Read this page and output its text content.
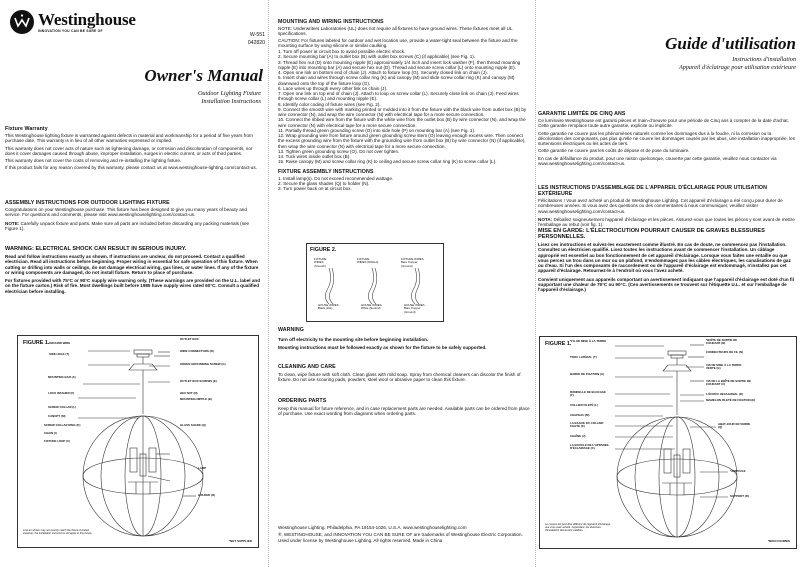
Westinghouse
INNOVATION YOU CAN BE SURE OF
W-551
042820
Owner's Manual
Outdoor Lighting Fixture
Installation Instructions
Fixture Warranty

This Westinghouse lighting fixture is warranted against defects in material and workmanship for a period of five years from purchase date. This warranty is in lieu of all other warranties expressed or implied.

This warranty does not cover acts of nature such as lightening damage, or corrosion and discoloration of components, nor does it cover damages caused through abuse, improper installation, surges in electric current, or acts of third parties.

This warranty does not cover the costs of removing and re-installing the lighting fixture.

If this product fails for any reason covered by this warranty, please contact us at www.westinghouse-lighting.com/contact-us.

ASSEMBLY INSTRUCTIONS FOR OUTDOOR LIGHTING FIXTURE

Congratulations on your Westinghouse purchase. This fixture has been designed to give you many years of beauty and service. For questions and comments, please visit www.westinghouselighting.com/contact-us.

NOTE: Carefully unpack fixture and parts. Make sure all parts are included before discarding any packing materials (see Figure 1).

WARNING: ELECTRICAL SHOCK CAN RESULT IN SERIOUS INJURY.

Read and follow instructions exactly as shown. If instructions are unclear, do not proceed. Contact a qualified electrician. Read all instructions before beginning. Proper wiring is essential for safe operation of this fixture. When cutting or drilling into walls or ceilings, do not damage electrical wiring, gas lines, or water lines. If any of the fixture or wiring components are damaged, do not install fixture. Return to place of purchase.

For fixtures provided with 75°C or 90°C supply wire warning only. (These warnings are provided on the U.L. label and on the fixture carton.) Risk of fire. Most dwellings built before 1985 have supply wires rated 60°C. Consult a qualified electrician before installing.

FIGURE 1. GROUND WIRE
SIDE HOLE (T)
MOUNTING BAR (A)
LOCK WASHER (F)
SCREW COLLAR (L)
CANOPY (M)
SCREW COLLAR RING (K)
CHAIN (I)
FIXTURE LOOP (C)
OUTLET BOX
WIRE CONNECTORS (N)
GREEN GROUNDING SCREW (G)
OUTLET BOX SCREWS (E)
HEX NUT (D)
MOUNTING NIPPLE (B)
GLASS SHADE (Q)
LAMP
HOLDER (R)
Line art shown may not exactly match the fixture included. However, the installation instructions will apply to this fixture.
*NOT SUPPLIED
MOUNTING AND WIRING INSTRUCTIONS

NOTE: Underwriters Laboratories (UL) does not require all fixtures to have ground wires. These fixtures meet all UL specifications.

CAUTION: For fixtures labeled for outdoor and wet location use, provide a water-tight seal between the fixture and the mounting surface by using silicone or similar caulking.

1. Turn off power at circuit box to avoid possible electric shock.
2. Secure mounting bar (A) to outlet box (B) with outlet box screws (C) (if applicable) (see Fig. 1).
3. Thread hex nut (D) onto mounting nipple (E) approximately 1/4 inch and insert lock washer (F), then thread mounting nipple (E) into mounting bar (A) and secure hex nut (D). Thread and secure screw collar (L) onto mounting nipple (E).
4. Open one link on bottom end of chain (J). Attach to fixture loop (G). Securely closed link on chain (J).
5. Insert chain and wires through screw collar ring (K) and canopy (M) and slide screw collar ring (K) and canopy (M) downward onto the top of the fixture loop (G).
6. Lace wires up through every other link on chain (J).
7. Open one link on top end of chain (J). Attach to loop on screw collar (L). Securely close link on chain (J). Feed wires through screw collar (L) and mounting nipple (E).
8. Identify color coding of fixture wires (see Fig. 2).
9. Connect the smooth wire with marking printed or molded into it from the fixture with the black wire from outlet box (B) by wire connector (N), and wrap the wire connector (N) with electrical tape for a more secure connection.
10. Connect the ribbed wire from the fixture with the white wire from the outlet box (B) by wire connector (N), and wrap the wire connector (N) with electrical tape for a more secure connection.
11. Partially thread green grounding screw (O) into side hole (P) on mounting bar (A) (see Fig. 1).
12. Wrap grounding wire from fixture around green grounding screw stem (O) leaving enough excess wire. Then connect the excess grounding wire from the fixture with the grounding wire from outlet box (B) by wire connector (N) (if applicable), then wrap the wire connector (N) with electrical tape for a more secure connection.
13. Tighten green grounding screw (O). Do not over tighten.
14. Tuck wires inside outlet box (B).
15. Raise canopy (M) and screw collar ring (K) to ceiling and secure screw collar ring (K) to screw collar (L).
FIXTURE ASSEMBLY INSTRUCTIONS
1. Install lamp(s). Do not exceed recommended wattage.
2. Secure the glass shades (Q) to holder (N).
3. Turn power back on at circuit box.
FIGURE 2.
FIXTURE WIRES (Smooth)
FIXTURE WIRES (Ribbed)
FIXTURE WIRES Bare Copper (Ground)
HOUSE WIRES Black (Hot)
HOUSE WIRES White (Neutral)
HOUSE WIRES Bare Copper (Ground)
WARNING

Turn off electricity to the mounting site before beginning installation.

Mounting instructions must be followed exactly as shown for the fixture to be safely supported.

CLEANING AND CARE

To clean, wipe fixture with soft cloth. Clean glass with mild soap. Spray from chemical cleaners can discolor the finish of fixture. Do not use scouring pads, powders, steel wool or abrasive paper to clean this fixture.

ORDERING PARTS

Keep this manual for future reference, and in case replacement parts are needed. Available parts can be ordered from place of purchase. Use exact wording from diagrams when ordering parts.

Westinghouse Lighting, Philadelphia, PA 19154-1026, U.S.A. www.westinghouselighting.com

®, WESTINGHOUSE, and INNOVATION YOU CAN BE SURE OF are trademarks of Westinghouse Electric Corporation.

Used under license by Westinghouse Lighting. All rights reserved. Made in China

Guide d'utilisation
Instructions d'installation
Appareil d'éclairage pour utilisation extérieure
GARANTIE LIMITÉE DE CINQ ANS

Ce luminaire Westinghouse est garanti pièces et main-d'oeuvre pour une période de Cinq ans à compter de la date d'achat. Cette garantie remplace toute autre garantie, explicite ou implicite.

Cette garantie ne couvre pas les phénomènes naturels comme les dommages dus à la foudre, ni la corrosion ou la décoloration des composants, pas plus qu'elle ne couvre les dommages causés par les abus, une installation inappropriée, les surtensions électriques ou les actes de tiers.

Cette garantie ne couvre pas les coûts de dépose et de pose du luminaire.

En cas de défaillance du produit, pour une raison quelconque, couverte par cette garantie, veuillez nous contacter via www.westinghouselighting.com/contact-us.

LES INSTRUCTIONS D'ASSEMBLAGE DE L'APPAREIL D'ÉCLAIRAGE POUR UTILISATION EXTÉRIEURE

Félicitations ! Vous avez acheté un produit de Westinghouse Lighting. Cet appareil d'éclairage a été conçu pour durer de nombreuses années. Si vous avez des questions ou des commentaires à nous communiquer, veuillez visiter www.westinghouselighting.com/contact-us.

NOTA: Déballez soigneusement l'appareil d'éclairage et les pièces. Assurez-vous que toutes les pièces y sont avant de mettre l'emballage au rebut (voir fig. 1).

MISE EN GARDE: L'ÉLECTROCUTION POURRAIT CAUSER DE GRAVES BLESSURES PERSONNELLES.

Lisez ces instructions et suivez-les exactement comme illustré. En cas de doute, ne commencez pas l'installation. Consultez un électricien qualifié. Lisez toutes les instructions avant de commencer l'installation. Un câblage approprié est essentiel au bon fonctionnement de cet appareil d'éclairage. Lorsque vous faites une entaille ou que vous percez un trou dans un mur ou un plafond, n'endommagez pas les câbles électriques, les canalisations de gaz ou d'eau. Si l'un des composants de raccordement ou de l'appareil d'éclairage est endommagé, n'installez pas cet appareil d'éclairage. Retournez-le à l'endroit où vous l'avez acheté.

Convient uniquement aux appareils comportant un avertissement indiquant que l'appareil d'éclairage est doté d'un fil supportant une chaleur de 75°C ou 90°C. (Ces avertissements se trouvent sur l'étiquette U.L. et sur l'emballage de l'appareil d'éclairage.)

FIGURE 1.
*FIL DE MISE À LA TERRE
TROU LATÉRAL (T)
BARRE DE FIXATION (A)
RONDELLE DE BLOCAGE (F)
COLLIER FILETÉ (L)
CHAPEAU (M)
LA BAGUE DU COLLIER FILETÉ (K)
CHAÎNE (J)
LA BOUCLE DE L'APPAREIL D'ÉCLAIRAGE (C)
*BOÎTE DE SORTIE DE COURANT (B)
CONNECTEURS DE FIL (N)
VIS DE MISE À LA TERRE VERTE (G)
VIS DE LA BOÎTE DE SORTIE DE COURANT (C)
L'ÉCROU HEXAGONAL (D)
MAMELON FILETÉ DE FIXATION (E)
ABAT-JOUR EN VERRE (Q)
*AMPOULE
SUPPORT (R)
Le croquis est peut-être différent de l'appareil d'éclairage que vous avez acheté. Cependant, les directives d'installation demeurent valables.
*NON FOURNIS
